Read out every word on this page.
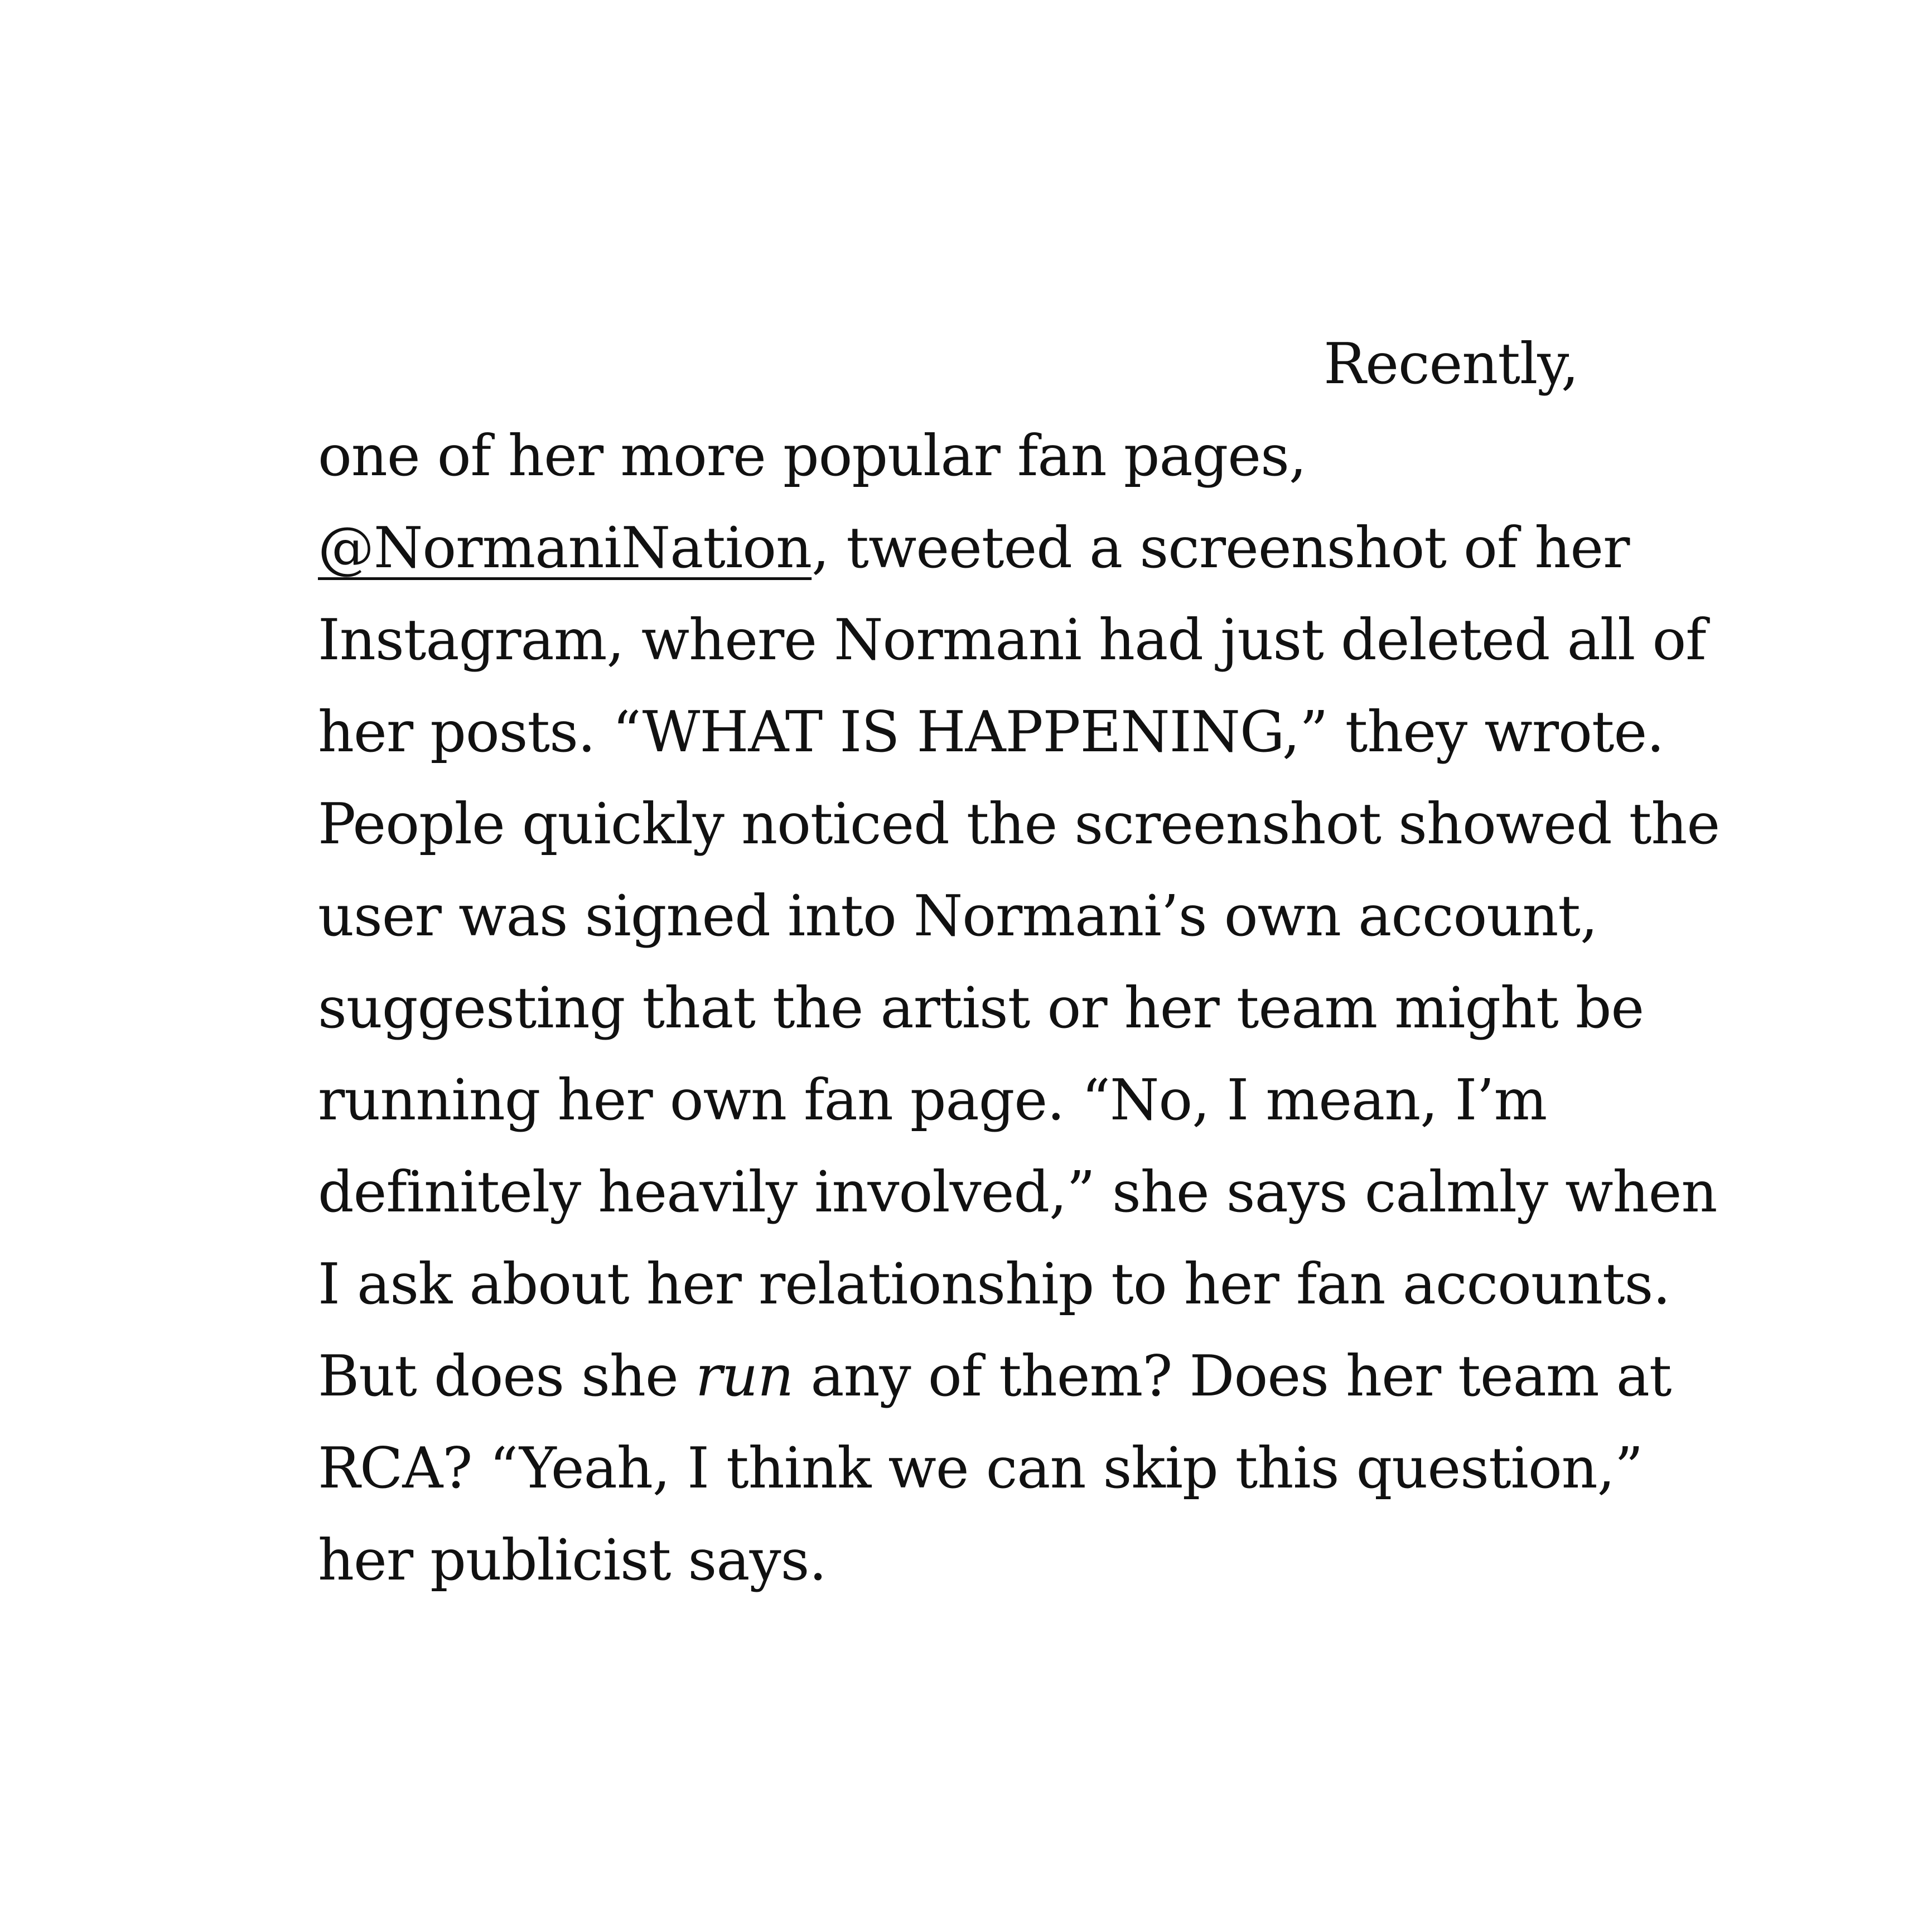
Recently,
one of her more popular fan pages,
@NormaniNation, tweeted a screenshot of her
Instagram, where Normani had just deleted all of
her posts. “WHAT IS HAPPENING,” they wrote.
People quickly noticed the screenshot showed the
user was signed into Normani’s own account,
suggesting that the artist or her team might be
running her own fan page. “No, I mean, I’m
definitely heavily involved,” she says calmly when
I ask about her relationship to her fan accounts.
But does she run any of them? Does her team at
RCA? “Yeah, I think we can skip this question,”
her publicist says.
